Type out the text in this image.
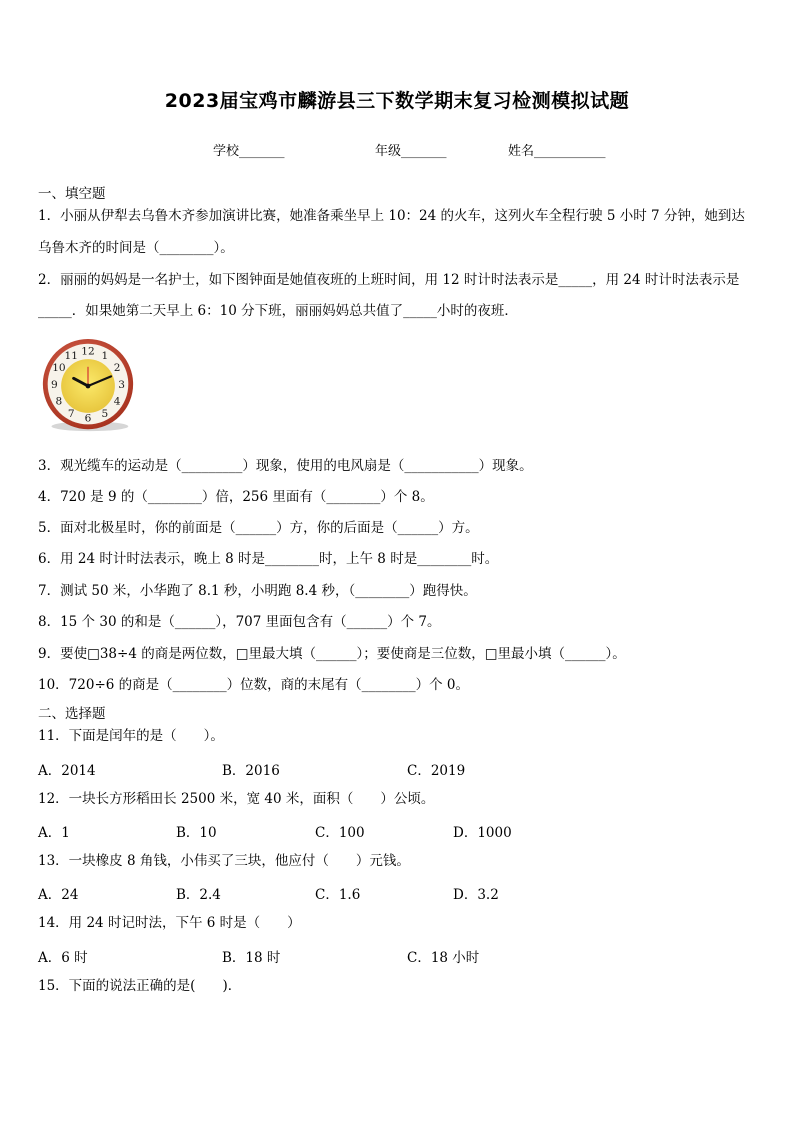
2023届宝鸡市麟游县三下数学期末复习检测模拟试题
学校_______	年级_______	姓名___________
一、填空题
1．小丽从伊犁去乌鲁木齐参加演讲比赛，她准备乘坐早上 10：24 的火车，这列火车全程行驶 5 小时 7 分钟，她到达
乌鲁木齐的时间是（________）。
2．丽丽的妈妈是一名护士，如下图钟面是她值夜班的上班时间，用 12 时计时法表示是_____，用 24 时计时法表示是
_____．如果她第二天早上 6：10 分下班，丽丽妈妈总共值了_____小时的夜班．
12 1
2
3
4
5
6
7
8
9
10
11
3．观光缆车的运动是（_________）现象，使用的电风扇是（___________）现象。
4．720 是 9 的（________）倍，256 里面有（________）个 8。
5．面对北极星时，你的前面是（______）方，你的后面是（______）方。
6．用 24 时计时法表示，晚上 8 时是________时，上午 8 时是________时。
7．测试 50 米，小华跑了 8.1 秒，小明跑 8.4 秒，（________）跑得快。
8．15 个 30 的和是（______），707 里面包含有（______）个 7。
9．要使□38÷4 的商是两位数，□里最大填（______）；要使商是三位数，□里最小填（______）。
10．720÷6 的商是（________）位数，商的末尾有（________）个 0。
二、选择题
11．下面是闰年的是（　　）。
A．2014	B．2016	C．2019
12．一块长方形稻田长 2500 米，宽 40 米，面积（　　）公顷。
A．1	B．10	C．100	D．1000
13．一块橡皮 8 角钱，小伟买了三块，他应付（　　）元钱。
A．24	B．2.4	C．1.6	D．3.2
14．用 24 时记时法，下午 6 时是（　　）
A．6 时	B．18 时	C．18 小时
15．下面的说法正确的是(　　)．
